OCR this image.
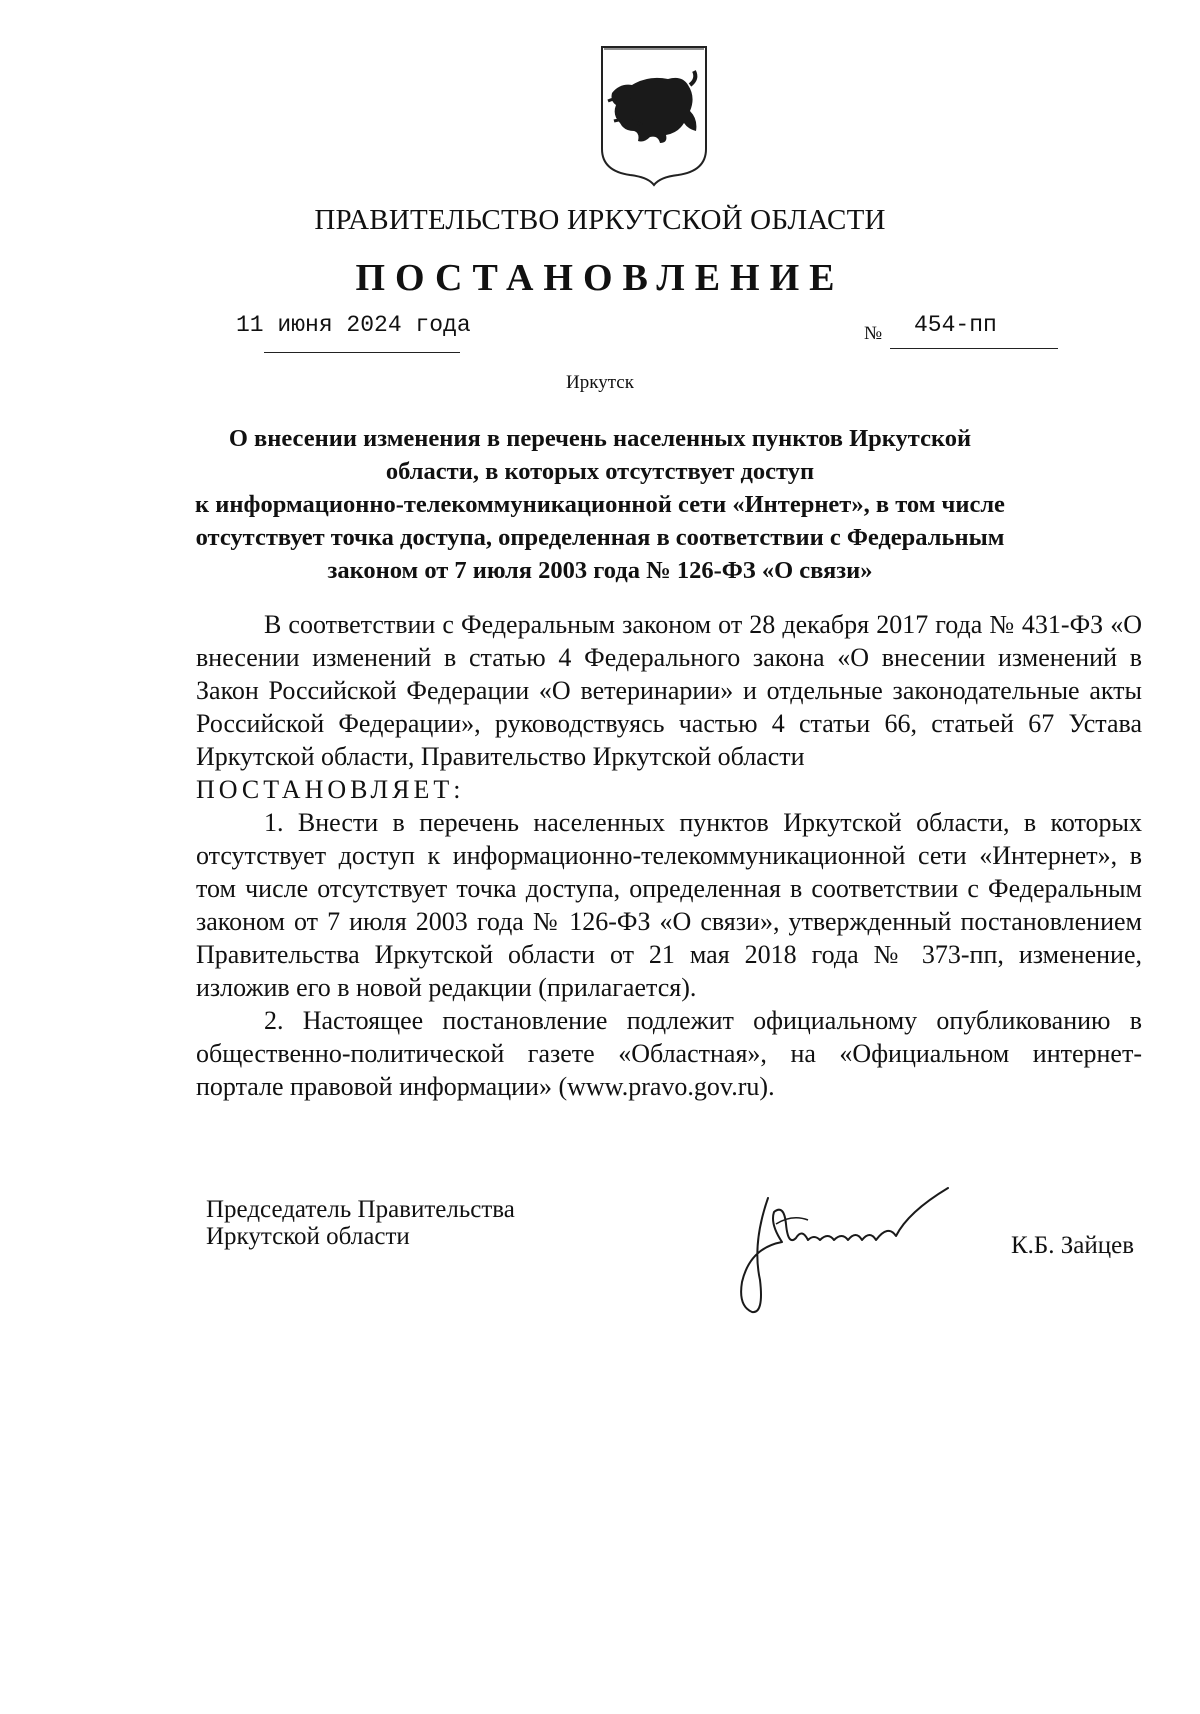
ПРАВИТЕЛЬСТВО ИРКУТСКОЙ ОБЛАСТИ
ПОСТАНОВЛЕНИЕ
11 июня 2024 года	№ 454-пп
Иркутск
О внесении изменения в перечень населенных пунктов Иркутской
области, в которых отсутствует доступ
к информационно-телекоммуникационной сети «Интернет», в том числе
отсутствует точка доступа, определенная в соответствии с Федеральным
законом от 7 июля 2003 года № 126-ФЗ «О связи»

В соответствии с Федеральным законом от 28 декабря 2017 года № 431-ФЗ «О внесении изменений в статью 4 Федерального закона «О внесении изменений в Закон Российской Федерации «О ветеринарии» и отдельные законодательные акты Российской Федерации», руководствуясь частью 4 статьи 66, статьей 67 Устава Иркутской области, Правительство Иркутской области

ПОСТАНОВЛЯЕТ:

1. Внести в перечень населенных пунктов Иркутской области, в которых отсутствует доступ к информационно-телекоммуникационной сети «Интернет», в том числе отсутствует точка доступа, определенная в соответствии с Федеральным законом от 7 июля 2003 года № 126-ФЗ «О связи», утвержденный постановлением Правительства Иркутской области от 21 мая 2018 года № 373-пп, изменение, изложив его в новой редакции (прилагается).

2. Настоящее постановление подлежит официальному опубликованию в общественно-политической газете «Областная», на «Официальном интернет-портале правовой информации» (www.pravo.gov.ru).

Председатель Правительства
Иркутской области	К.Б. Зайцев
